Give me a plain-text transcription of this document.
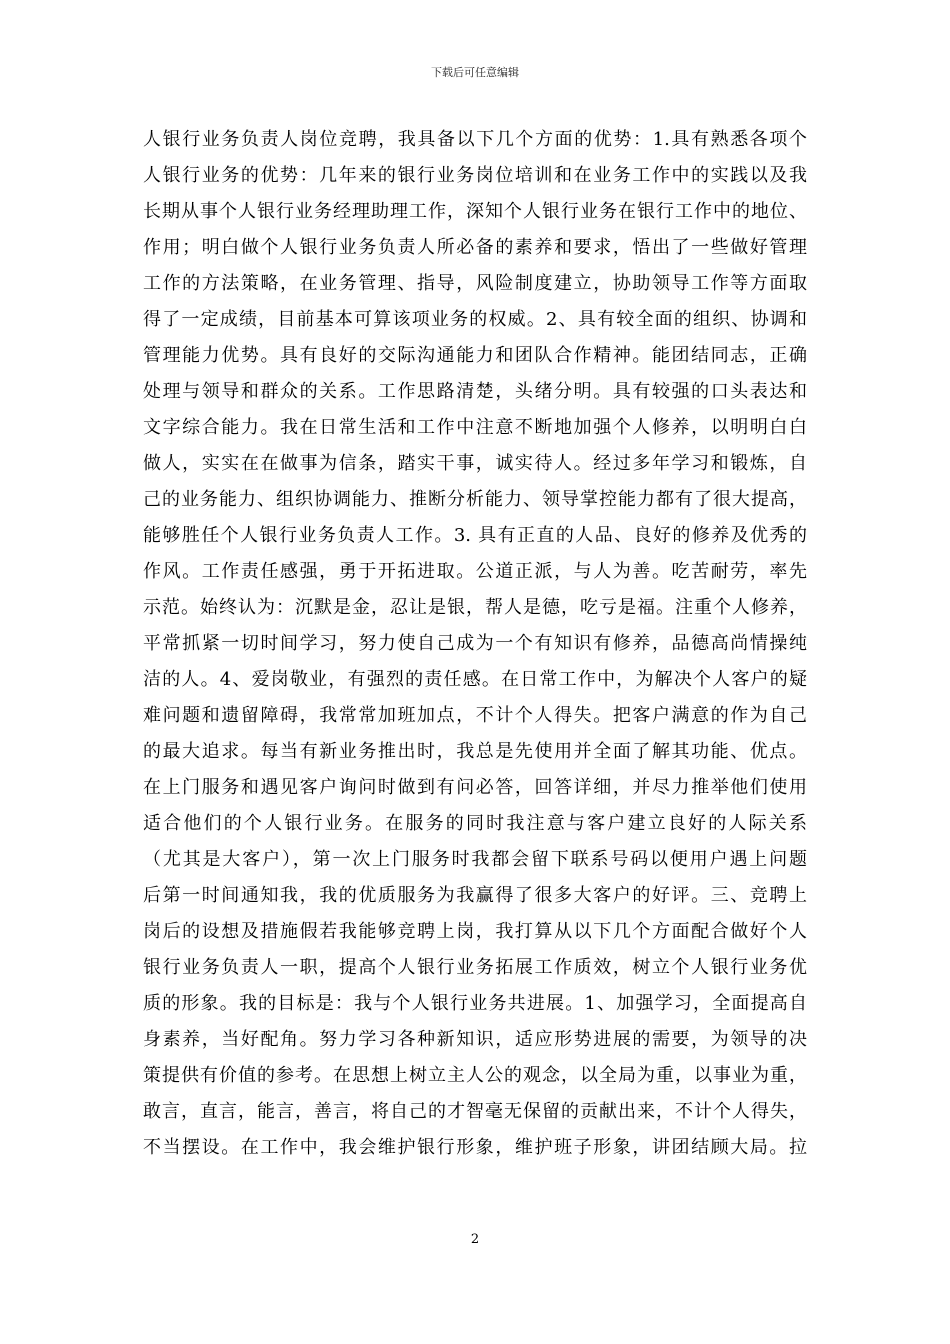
下载后可任意编辑
人银行业务负责人岗位竞聘，我具备以下几个方面的优势：1.具有熟悉各项个
人银行业务的优势：几年来的银行业务岗位培训和在业务工作中的实践以及我
长期从事个人银行业务经理助理工作，深知个人银行业务在银行工作中的地位、
作用；明白做个人银行业务负责人所必备的素养和要求，悟出了一些做好管理
工作的方法策略，在业务管理、指导，风险制度建立，协助领导工作等方面取
得了一定成绩，目前基本可算该项业务的权威。2、具有较全面的组织、协调和
管理能力优势。具有良好的交际沟通能力和团队合作精神。能团结同志，正确
处理与领导和群众的关系。工作思路清楚，头绪分明。具有较强的口头表达和
文字综合能力。我在日常生活和工作中注意不断地加强个人修养，以明明白白
做人，实实在在做事为信条，踏实干事，诚实待人。经过多年学习和锻炼，自
己的业务能力、组织协调能力、推断分析能力、领导掌控能力都有了很大提高，
能够胜任个人银行业务负责人工作。3. 具有正直的人品、良好的修养及优秀的
作风。工作责任感强，勇于开拓进取。公道正派，与人为善。吃苦耐劳，率先
示范。始终认为：沉默是金，忍让是银，帮人是德，吃亏是福。注重个人修养，
平常抓紧一切时间学习，努力使自己成为一个有知识有修养，品德高尚情操纯
洁的人。4、爱岗敬业，有强烈的责任感。在日常工作中，为解决个人客户的疑
难问题和遗留障碍，我常常加班加点，不计个人得失。把客户满意的作为自己
的最大追求。每当有新业务推出时，我总是先使用并全面了解其功能、优点。
在上门服务和遇见客户询问时做到有问必答，回答详细，并尽力推举他们使用
适合他们的个人银行业务。在服务的同时我注意与客户建立良好的人际关系
（尤其是大客户），第一次上门服务时我都会留下联系号码以便用户遇上问题
后第一时间通知我，我的优质服务为我赢得了很多大客户的好评。三、竞聘上
岗后的设想及措施假若我能够竞聘上岗，我打算从以下几个方面配合做好个人
银行业务负责人一职，提高个人银行业务拓展工作质效，树立个人银行业务优
质的形象。我的目标是：我与个人银行业务共进展。1、加强学习，全面提高自
身素养，当好配角。努力学习各种新知识，适应形势进展的需要，为领导的决
策提供有价值的参考。在思想上树立主人公的观念，以全局为重，以事业为重，
敢言，直言，能言，善言，将自己的才智毫无保留的贡献出来，不计个人得失，
不当摆设。在工作中，我会维护银行形象，维护班子形象，讲团结顾大局。拉
2
